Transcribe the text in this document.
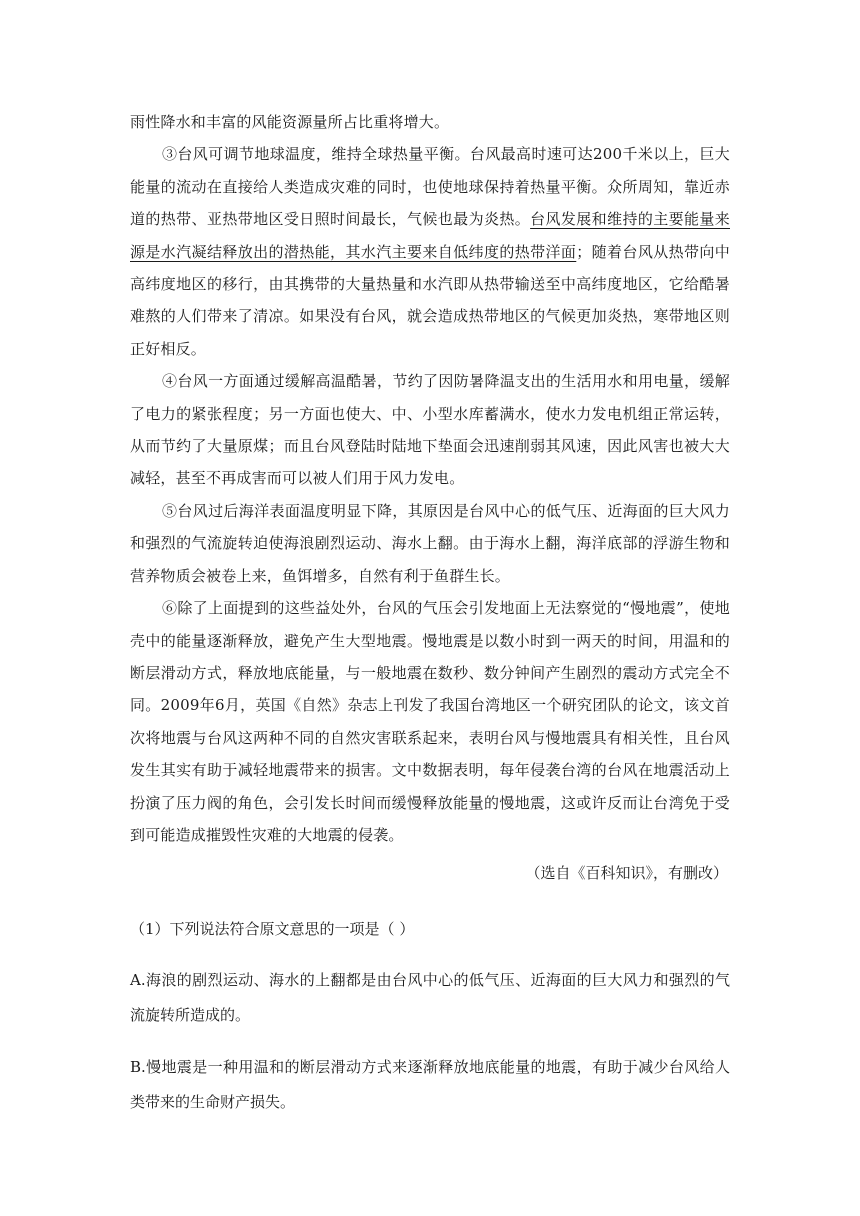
雨性降水和丰富的风能资源量所占比重将增大。

③台风可调节地球温度，维持全球热量平衡。台风最高时速可达200千米以上，巨大能量的流动在直接给人类造成灾难的同时，也使地球保持着热量平衡。众所周知，靠近赤道的热带、亚热带地区受日照时间最长，气候也最为炎热。台风发展和维持的主要能量来源是水汽凝结释放出的潜热能，其水汽主要来自低纬度的热带洋面；随着台风从热带向中高纬度地区的移行，由其携带的大量热量和水汽即从热带输送至中高纬度地区，它给酷暑难熬的人们带来了清凉。如果没有台风，就会造成热带地区的气候更加炎热，寒带地区则正好相反。

④台风一方面通过缓解高温酷暑，节约了因防暑降温支出的生活用水和用电量，缓解了电力的紧张程度；另一方面也使大、中、小型水库蓄满水，使水力发电机组正常运转，从而节约了大量原煤；而且台风登陆时陆地下垫面会迅速削弱其风速，因此风害也被大大减轻，甚至不再成害而可以被人们用于风力发电。

⑤台风过后海洋表面温度明显下降，其原因是台风中心的低气压、近海面的巨大风力和强烈的气流旋转迫使海浪剧烈运动、海水上翻。由于海水上翻，海洋底部的浮游生物和营养物质会被卷上来，鱼饵增多，自然有利于鱼群生长。

⑥除了上面提到的这些益处外，台风的气压会引发地面上无法察觉的“慢地震”，使地壳中的能量逐渐释放，避免产生大型地震。慢地震是以数小时到一两天的时间，用温和的断层滑动方式，释放地底能量，与一般地震在数秒、数分钟间产生剧烈的震动方式完全不同。2009年6月，英国《自然》杂志上刊发了我国台湾地区一个研究团队的论文，该文首次将地震与台风这两种不同的自然灾害联系起来，表明台风与慢地震具有相关性，且台风发生其实有助于减轻地震带来的损害。文中数据表明，每年侵袭台湾的台风在地震活动上扮演了压力阀的角色，会引发长时间而缓慢释放能量的慢地震，这或许反而让台湾免于受到可能造成摧毁性灾难的大地震的侵袭。

（选自《百科知识》，有删改）

（1）下列说法符合原文意思的一项是（ ）

A.海浪的剧烈运动、海水的上翻都是由台风中心的低气压、近海面的巨大风力和强烈的气流旋转所造成的。

B.慢地震是一种用温和的断层滑动方式来逐渐释放地底能量的地震，有助于减少台风给人类带来的生命财产损失。
